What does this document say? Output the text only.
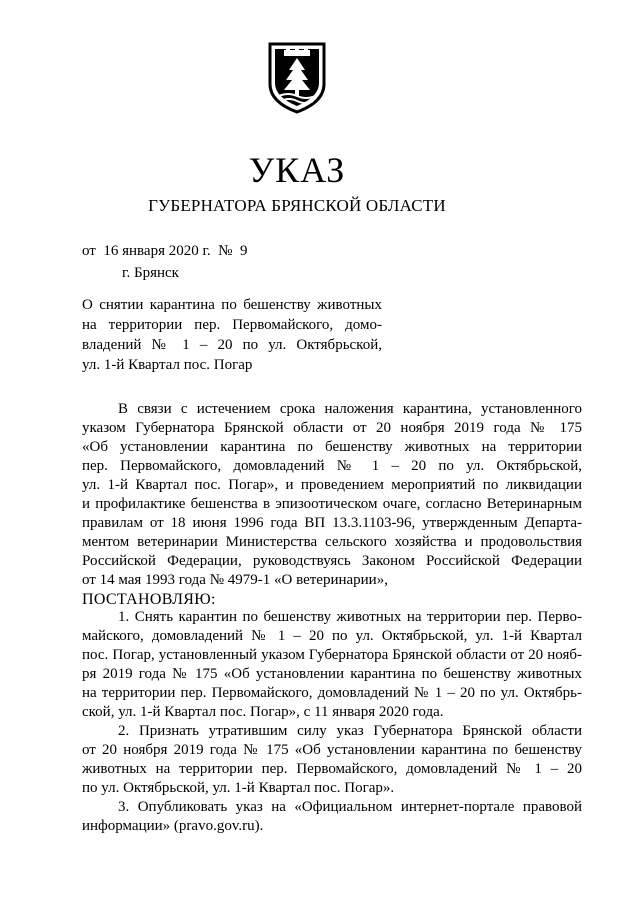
УКАЗ
ГУБЕРНАТОРА БРЯНСКОЙ ОБЛАСТИ
от  16 января 2020 г.  №  9
г. Брянск
О снятии карантина по бешенству животных
на территории пер. Первомайского, домо-
владений № 1 – 20 по ул. Октябрьской,
ул. 1-й Квартал пос. Погар
В связи с истечением срока наложения карантина, установленного
указом Губернатора Брянской области от 20 ноября 2019 года № 175
«Об установлении карантина по бешенству животных на территории
пер. Первомайского, домовладений № 1 – 20 по ул. Октябрьской,
ул. 1-й Квартал пос. Погар», и проведением мероприятий по ликвидации
и профилактике бешенства в эпизоотическом очаге, согласно Ветеринарным
правилам от 18 июня 1996 года ВП 13.3.1103-96, утвержденным Департа-
ментом ветеринарии Министерства сельского хозяйства и продовольствия
Российской Федерации, руководствуясь Законом Российской Федерации
от 14 мая 1993 года № 4979-1 «О ветеринарии»,
ПОСТАНОВЛЯЮ:
1. Снять карантин по бешенству животных на территории пер. Перво-
майского, домовладений № 1 – 20 по ул. Октябрьской, ул. 1-й Квартал
пос. Погар, установленный указом Губернатора Брянской области от 20 нояб-
ря 2019 года № 175 «Об установлении карантина по бешенству животных
на территории пер. Первомайского, домовладений № 1 – 20 по ул. Октябрь-
ской, ул. 1-й Квартал пос. Погар», с 11 января 2020 года.
2. Признать утратившим силу указ Губернатора Брянской области
от 20 ноября 2019 года № 175 «Об установлении карантина по бешенству
животных на территории пер. Первомайского, домовладений № 1 – 20
по ул. Октябрьской, ул. 1-й Квартал пос. Погар».
3. Опубликовать указ на «Официальном интернет-портале правовой
информации» (pravo.gov.ru).
